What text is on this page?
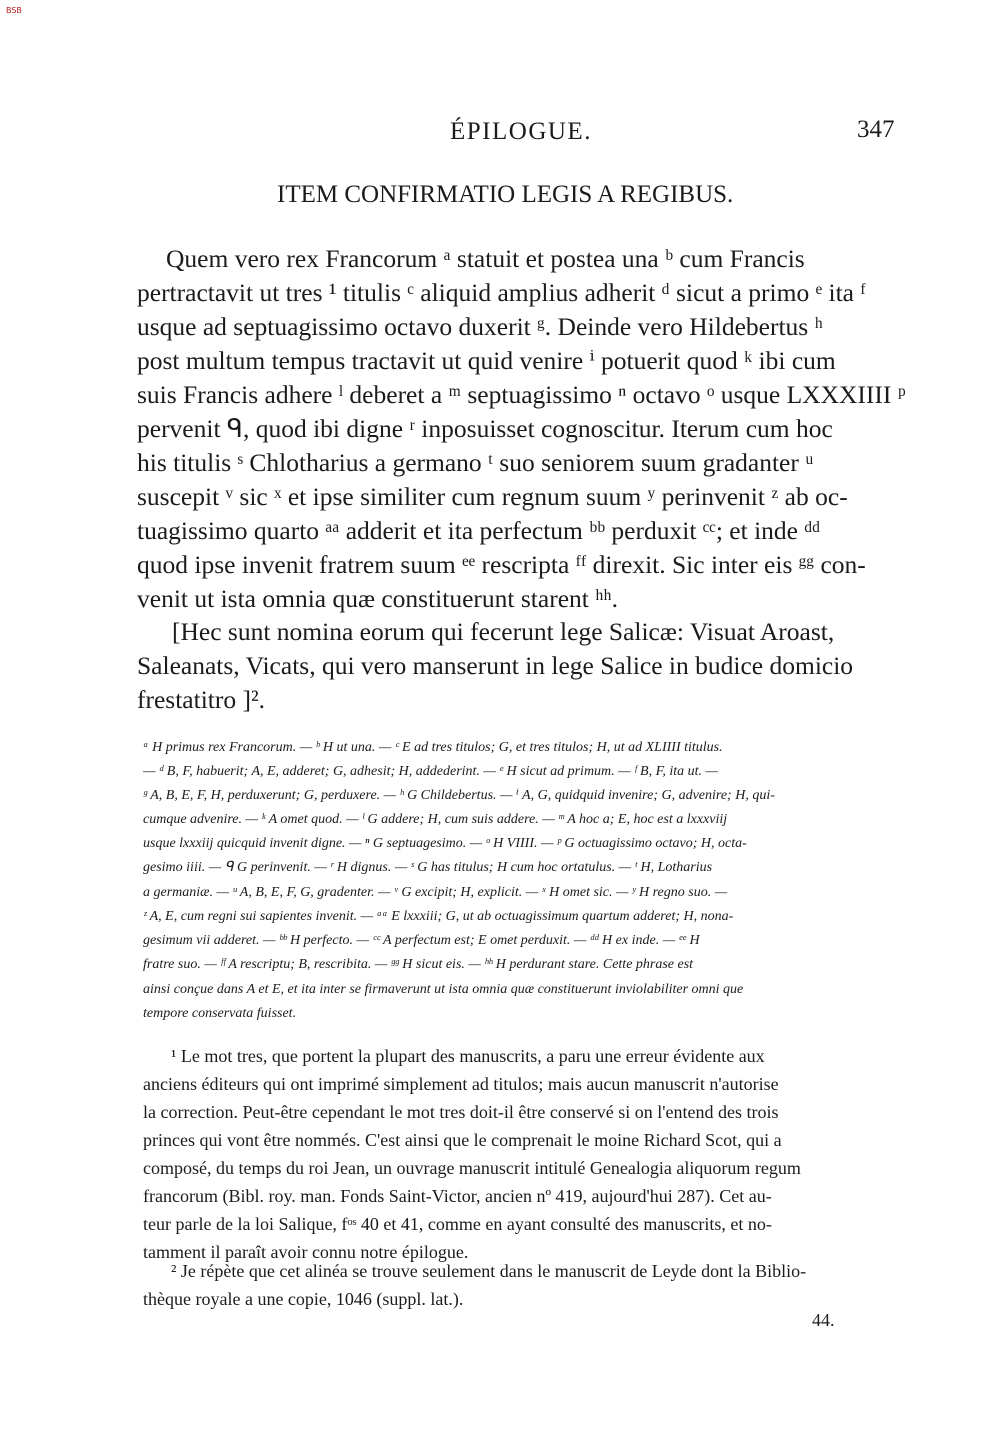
BSB
ÉPILOGUE.	347
ITEM CONFIRMATIO LEGIS A REGIBUS.
Quem vero rex Francorum ᵃ statuit et postea una ᵇ cum Francis
pertractavit ut tres ¹ titulis ᶜ aliquid amplius adherit ᵈ sicut a primo ᵉ ita ᶠ
usque ad septuagissimo octavo duxerit ᵍ. Deinde vero Hildebertus ʰ
post multum tempus tractavit ut quid venire ⁱ potuerit quod ᵏ ibi cum
suis Francis adhere ˡ deberet a ᵐ septuagissimo ⁿ octavo ᵒ usque LXXXIIII ᵖ
pervenit ᑫ, quod ibi digne ʳ inposuisset cognoscitur. Iterum cum hoc
his titulis ˢ Chlotharius a germano ᵗ suo seniorem suum gradanter ᵘ
suscepit ᵛ sic ˣ et ipse similiter cum regnum suum ʸ perinvenit ᶻ ab oc-
tuagissimo quarto ᵃᵃ adderit et ita perfectum ᵇᵇ perduxit ᶜᶜ; et inde ᵈᵈ
quod ipse invenit fratrem suum ᵉᵉ rescripta ᶠᶠ direxit. Sic inter eis ᵍᵍ con-
venit ut ista omnia quæ constituerunt starent ʰʰ.
[Hec sunt nomina eorum qui fecerunt lege Salicæ: Visuat Aroast,
Saleanats, Vicats, qui vero manserunt in lege Salice in budice domicio
frestatitro ]².
ᵃ H primus rex Francorum. — ᵇ H ut una. — ᶜ E ad tres titulos; G, et tres titulos; H, ut ad XLIIII titulus.
— ᵈ B, F, habuerit; A, E, adderet; G, adhesit; H, addederint. — ᵉ H sicut ad primum. — ᶠ B, F, ita ut. —
ᵍ A, B, E, F, H, perduxerunt; G, perduxere. — ʰ G Childebertus. — ⁱ A, G, quidquid invenire; G, advenire; H, qui-
cumque advenire. — ᵏ A omet quod. — ˡ G addere; H, cum suis addere. — ᵐ A hoc a; E, hoc est a lxxxviij
usque lxxxiij quicquid invenit digne. — ⁿ G septuagesimo. — ᵒ H VIIII. — ᵖ G octuagissimo octavo; H, octa-
gesimo iiii. — ᑫ G perinvenit. — ʳ H dignus. — ˢ G has titulus; H cum hoc ortatulus. — ᵗ H, Lotharius
a germaniæ. — ᵘ A, B, E, F, G, gradenter. — ᵛ G excipit; H, explicit. — ˣ H omet sic. — ʸ H regno suo. —
ᶻ A, E, cum regni sui sapientes invenit. — ᵃᵃ E lxxxiii; G, ut ab octuagissimum quartum adderet; H, nona-
gesimum vii adderet. — ᵇᵇ H perfecto. — ᶜᶜ A perfectum est; E omet perduxit. — ᵈᵈ H ex inde. — ᵉᵉ H
fratre suo. — ᶠᶠ A rescriptu; B, rescribita. — ᵍᵍ H sicut eis. — ʰʰ H perdurant stare. Cette phrase est
ainsi conçue dans A et E, et ita inter se firmaverunt ut ista omnia quæ constituerunt inviolabiliter omni que
tempore conservata fuisset.
¹ Le mot tres, que portent la plupart des manuscrits, a paru une erreur évidente aux
anciens éditeurs qui ont imprimé simplement ad titulos; mais aucun manuscrit n'autorise
la correction. Peut-être cependant le mot tres doit-il être conservé si on l'entend des trois
princes qui vont être nommés. C'est ainsi que le comprenait le moine Richard Scot, qui a
composé, du temps du roi Jean, un ouvrage manuscrit intitulé Genealogia aliquorum regum
francorum (Bibl. roy. man. Fonds Saint-Victor, ancien nº 419, aujourd'hui 287). Cet au-
teur parle de la loi Salique, fᵒˢ 40 et 41, comme en ayant consulté des manuscrits, et no-
tamment il paraît avoir connu notre épilogue.
² Je répète que cet alinéa se trouve seulement dans le manuscrit de Leyde dont la Biblio-
thèque royale a une copie, 1046 (suppl. lat.).
44.
